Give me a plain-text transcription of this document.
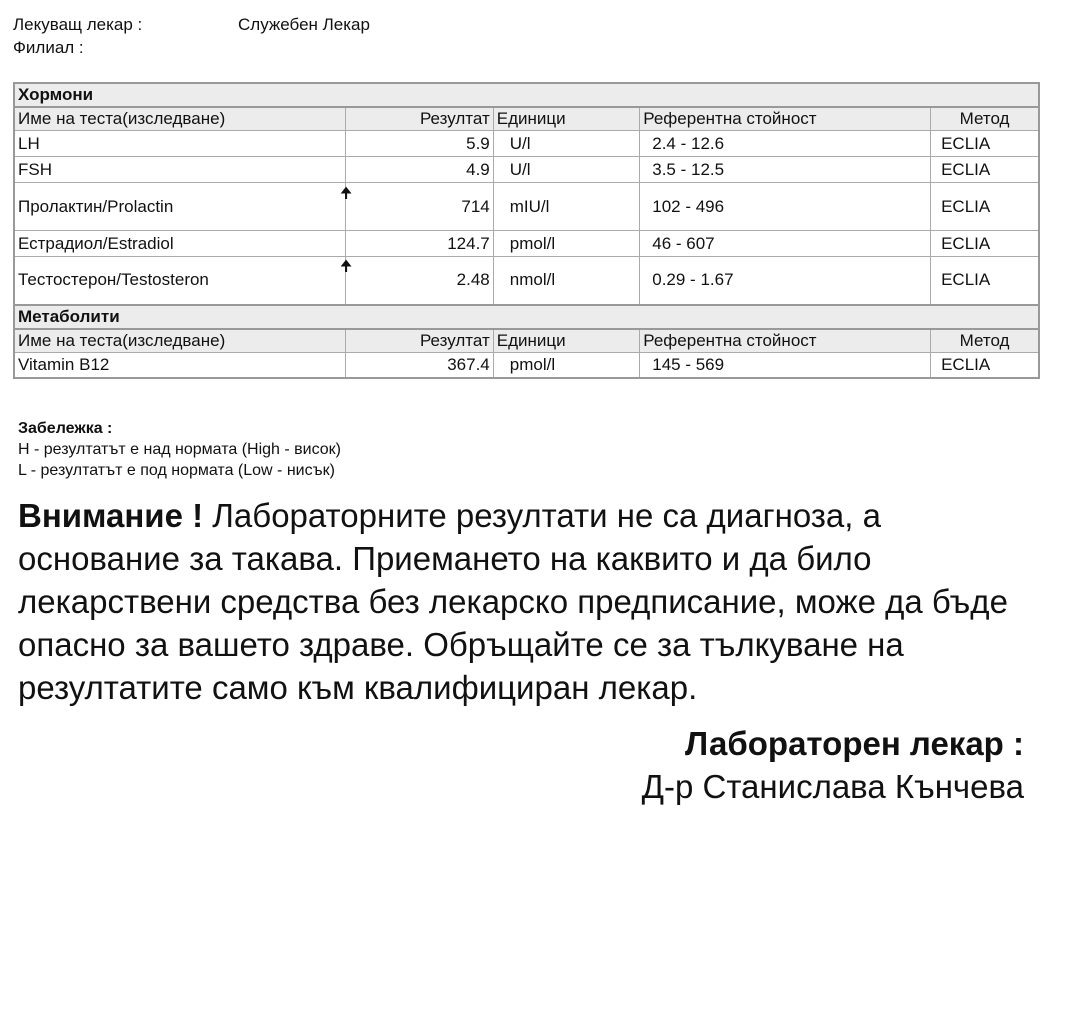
Лекуващ лекар :	Служебен Лекар
Филиал :
Хормони				
Име на теста(изследване)	Резултат	Единици	Референтна стойност	Метод
LH	5.9	U/l	2.4 - 12.6	ECLIA
FSH	4.9	U/l	3.5 - 12.5	ECLIA

🠉
Пролактин/Prolactin	714	mIU/l	102 - 496	ECLIA
Естрадиол/Estradiol	124.7	pmol/l	46 - 607	ECLIA

🠉
Тестостерон/Testosteron	2.48	nmol/l	0.29 - 1.67	ECLIA
Метаболити				
Име на теста(изследване)	Резултат	Единици	Референтна стойност	Метод
Vitamin B12	367.4	pmol/l	145 - 569	ECLIA
Забележка :
H - резултатът е над нормата (High - висок)
L - резултатът е под нормата (Low - нисък)
Внимание ! Лабораторните резултати не са диагноза, а основание за такава. Приемането на каквито и да било лекарствени средства без лекарско предписание, може да бъде опасно за вашето здраве. Обръщайте се за тълкуване на резултатите само към квалифициран лекар.
Лабораторен лекар :
Д-р Станислава Кънчева
